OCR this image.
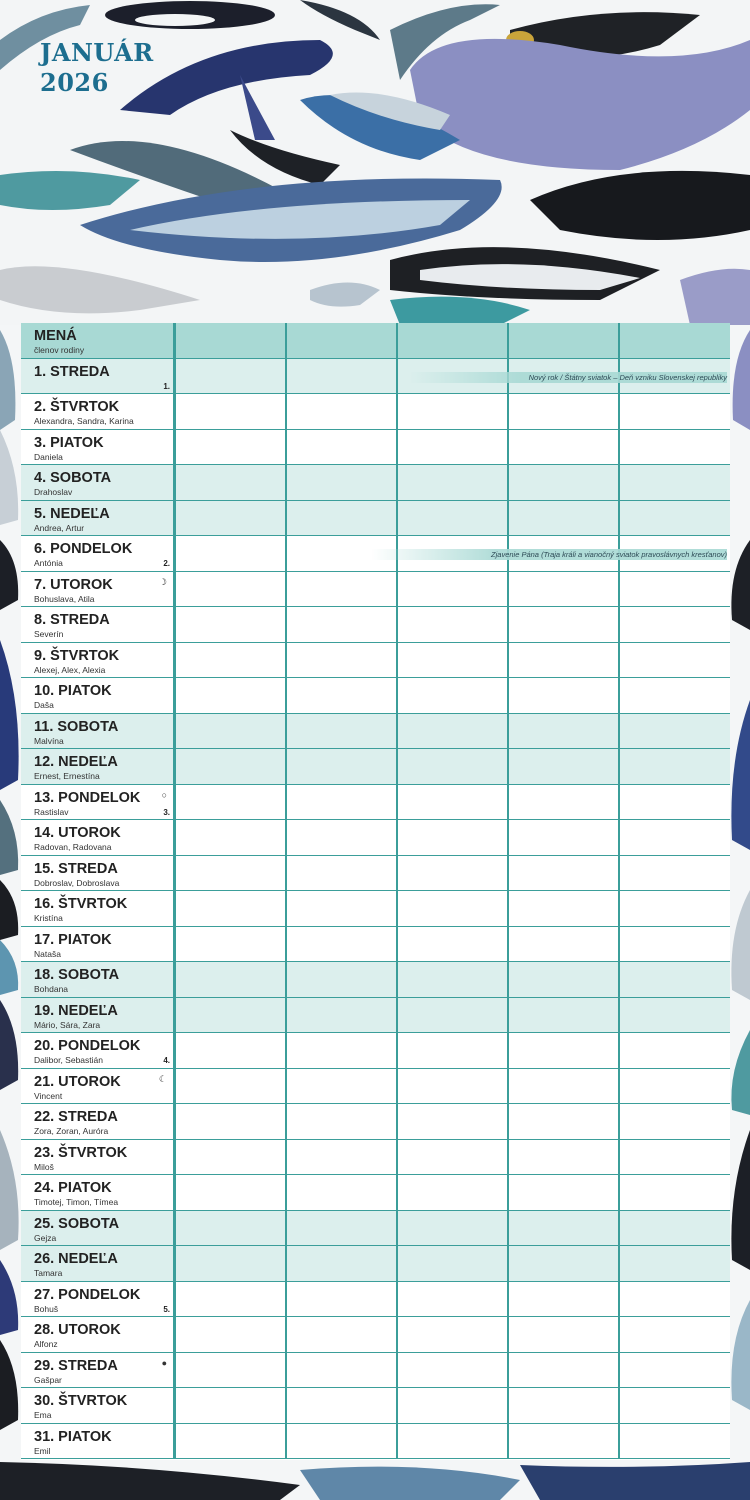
JANUÁR
2026
MENÁ
členov rodiny
1. STREDA
1.
Nový rok / Štátny sviatok – Deň vzniku Slovenskej republiky
2. ŠTVRTOK
Alexandra, Sandra, Karina
3. PIATOK
Daniela
4. SOBOTA
Drahoslav
5. NEDEĽA
Andrea, Artur
6. PONDELOK
Antónia	2.
Zjavenie Pána (Traja králi a vianočný sviatok pravoslávnych kresťanov)
7. UTOROK
Bohuslava, Atila
☽
8. STREDA
Severín
9. ŠTVRTOK
Alexej, Alex, Alexia
10. PIATOK
Daša
11. SOBOTA
Malvína
12. NEDEĽA
Ernest, Ernestína
13. PONDELOK
Rastislav	3.
○
14. UTOROK
Radovan, Radovana
15. STREDA
Dobroslav, Dobroslava
16. ŠTVRTOK
Kristína
17. PIATOK
Nataša
18. SOBOTA
Bohdana
19. NEDEĽA
Mário, Sára, Zara
20. PONDELOK
Dalibor, Sebastián	4.
21. UTOROK
Vincent
☾
22. STREDA
Zora, Zoran, Auróra
23. ŠTVRTOK
Miloš
24. PIATOK
Timotej, Timon, Tímea
25. SOBOTA
Gejza
26. NEDEĽA
Tamara
27. PONDELOK
Bohuš	5.
28. UTOROK
Alfonz
29. STREDA
Gašpar
●
30. ŠTVRTOK
Ema
31. PIATOK
Emil
